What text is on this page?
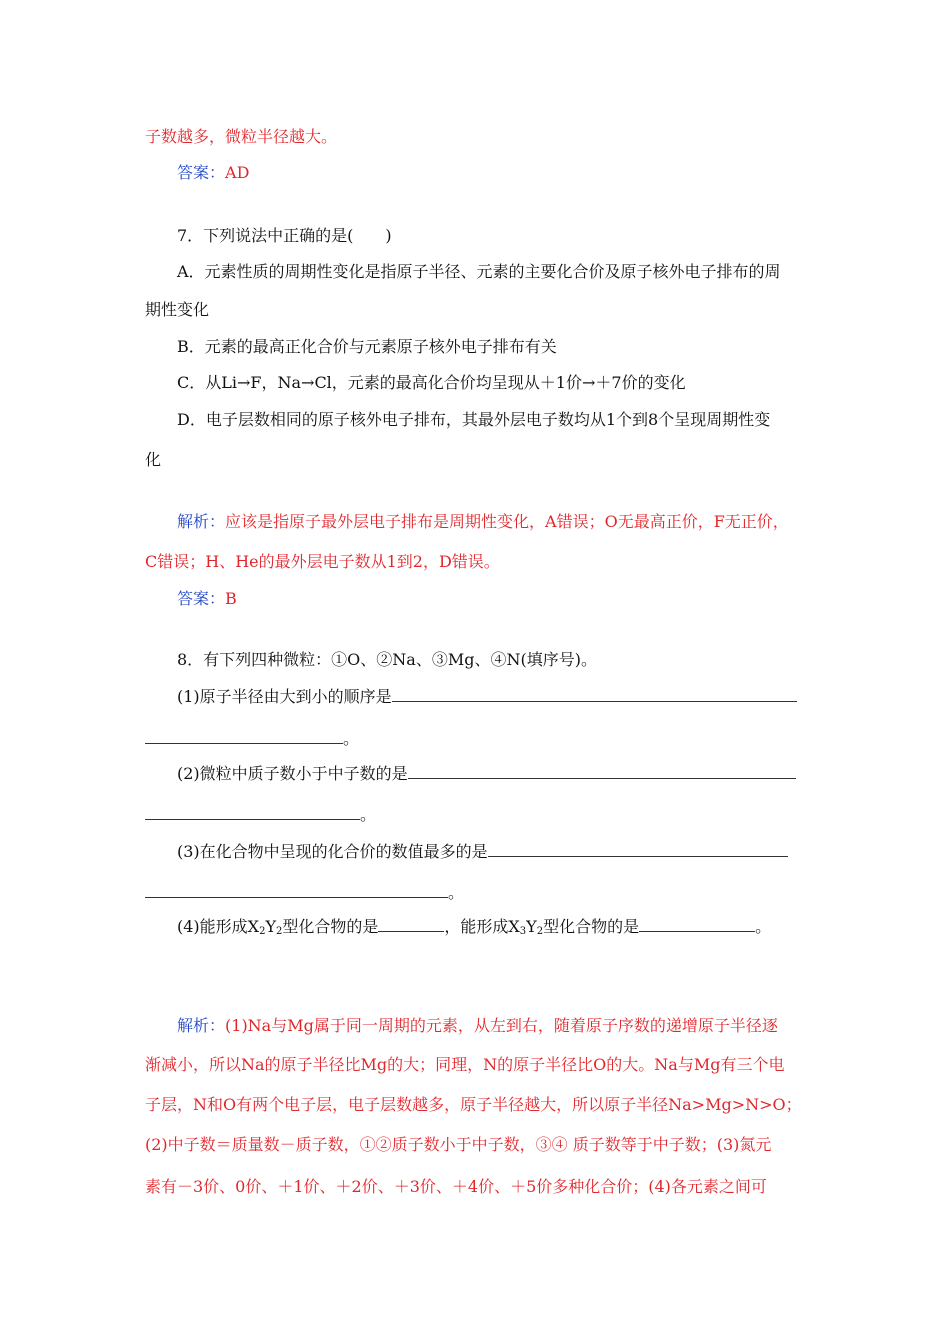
子数越多，微粒半径越大。
答案：AD
7．下列说法中正确的是(　　)
A．元素性质的周期性变化是指原子半径、元素的主要化合价及原子核外电子排布的周
期性变化
B．元素的最高正化合价与元素原子核外电子排布有关
C．从Li→F，Na→Cl，元素的最高化合价均呈现从＋1价→＋7价的变化
D．电子层数相同的原子核外电子排布，其最外层电子数均从1个到8个呈现周期性变
化
解析：应该是指原子最外层电子排布是周期性变化，A错误；O无最高正价，F无正价，
C错误；H、He的最外层电子数从1到2，D错误。
答案：B
8．有下列四种微粒：①O、②Na、③Mg、④N(填序号)。
(1)原子半径由大到小的顺序是
。
(2)微粒中质子数小于中子数的是
。
(3)在化合物中呈现的化合价的数值最多的是
。
(4)能形成$X_2Y_2$型化合物的是	，能形成$X_3Y_2$型化合物的是	。
解析：(1)Na与Mg属于同一周期的元素，从左到右，随着原子序数的递增原子半径逐
渐减小，所以Na的原子半径比Mg的大；同理，N的原子半径比O的大。Na与Mg有三个电
子层，N和O有两个电子层，电子层数越多，原子半径越大，所以原子半径Na>Mg>N>O；
(2)中子数＝质量数－质子数，①②质子数小于中子数，③④ 质子数等于中子数；(3)氮元
素有－3价、0价、＋1价、＋2价、＋3价、＋4价、＋5价多种化合价；(4)各元素之间可
